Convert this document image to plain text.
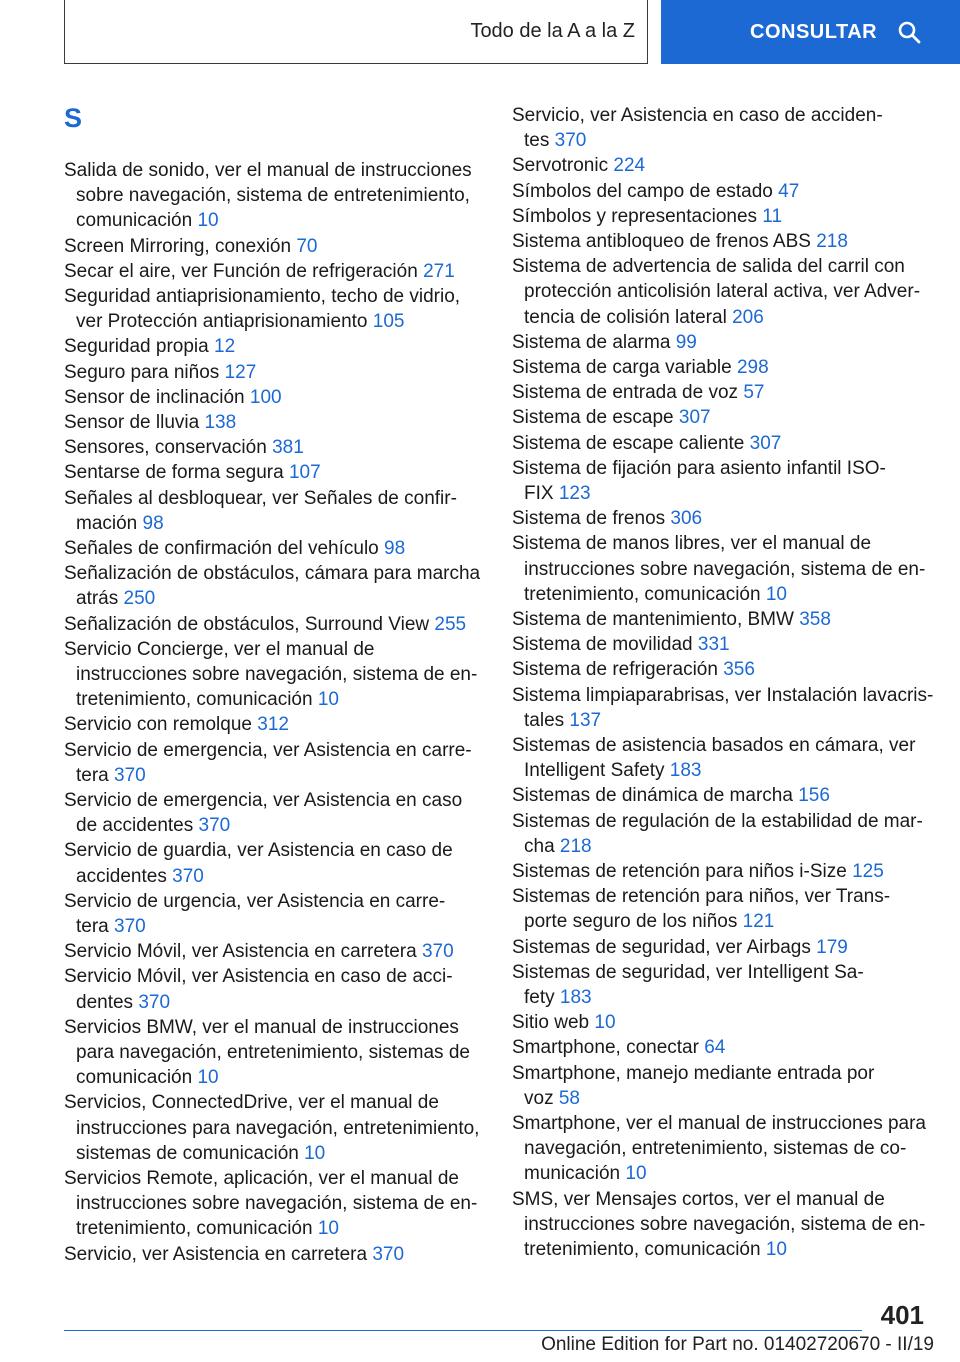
Todo de la A a la Z	CONSULTAR
S
Salida de sonido, ver el manual de instrucciones
sobre navegación, sistema de entretenimiento,
comunicación 10
Screen Mirroring, conexión 70
Secar el aire, ver Función de refrigeración 271
Seguridad antiaprisionamiento, techo de vidrio,
ver Protección antiaprisionamiento 105
Seguridad propia 12
Seguro para niños 127
Sensor de inclinación 100
Sensor de lluvia 138
Sensores, conservación 381
Sentarse de forma segura 107
Señales al desbloquear, ver Señales de confir-
mación 98
Señales de confirmación del vehículo 98
Señalización de obstáculos, cámara para marcha
atrás 250
Señalización de obstáculos, Surround View 255
Servicio Concierge, ver el manual de
instrucciones sobre navegación, sistema de en-
tretenimiento, comunicación 10
Servicio con remolque 312
Servicio de emergencia, ver Asistencia en carre-
tera 370
Servicio de emergencia, ver Asistencia en caso
de accidentes 370
Servicio de guardia, ver Asistencia en caso de
accidentes 370
Servicio de urgencia, ver Asistencia en carre-
tera 370
Servicio Móvil, ver Asistencia en carretera 370
Servicio Móvil, ver Asistencia en caso de acci-
dentes 370
Servicios BMW, ver el manual de instrucciones
para navegación, entretenimiento, sistemas de
comunicación 10
Servicios, ConnectedDrive, ver el manual de
instrucciones para navegación, entretenimiento,
sistemas de comunicación 10
Servicios Remote, aplicación, ver el manual de
instrucciones sobre navegación, sistema de en-
tretenimiento, comunicación 10
Servicio, ver Asistencia en carretera 370
Servicio, ver Asistencia en caso de acciden-
tes 370
Servotronic 224
Símbolos del campo de estado 47
Símbolos y representaciones 11
Sistema antibloqueo de frenos ABS 218
Sistema de advertencia de salida del carril con
protección anticolisión lateral activa, ver Adver-
tencia de colisión lateral 206
Sistema de alarma 99
Sistema de carga variable 298
Sistema de entrada de voz 57
Sistema de escape 307
Sistema de escape caliente 307
Sistema de fijación para asiento infantil ISO-
FIX 123
Sistema de frenos 306
Sistema de manos libres, ver el manual de
instrucciones sobre navegación, sistema de en-
tretenimiento, comunicación 10
Sistema de mantenimiento, BMW 358
Sistema de movilidad 331
Sistema de refrigeración 356
Sistema limpiaparabrisas, ver Instalación lavacris-
tales 137
Sistemas de asistencia basados en cámara, ver
Intelligent Safety 183
Sistemas de dinámica de marcha 156
Sistemas de regulación de la estabilidad de mar-
cha 218
Sistemas de retención para niños i-Size 125
Sistemas de retención para niños, ver Trans-
porte seguro de los niños 121
Sistemas de seguridad, ver Airbags 179
Sistemas de seguridad, ver Intelligent Sa-
fety 183
Sitio web 10
Smartphone, conectar 64
Smartphone, manejo mediante entrada por
voz 58
Smartphone, ver el manual de instrucciones para
navegación, entretenimiento, sistemas de co-
municación 10
SMS, ver Mensajes cortos, ver el manual de
instrucciones sobre navegación, sistema de en-
tretenimiento, comunicación 10
401
Online Edition for Part no. 01402720670 - II/19
